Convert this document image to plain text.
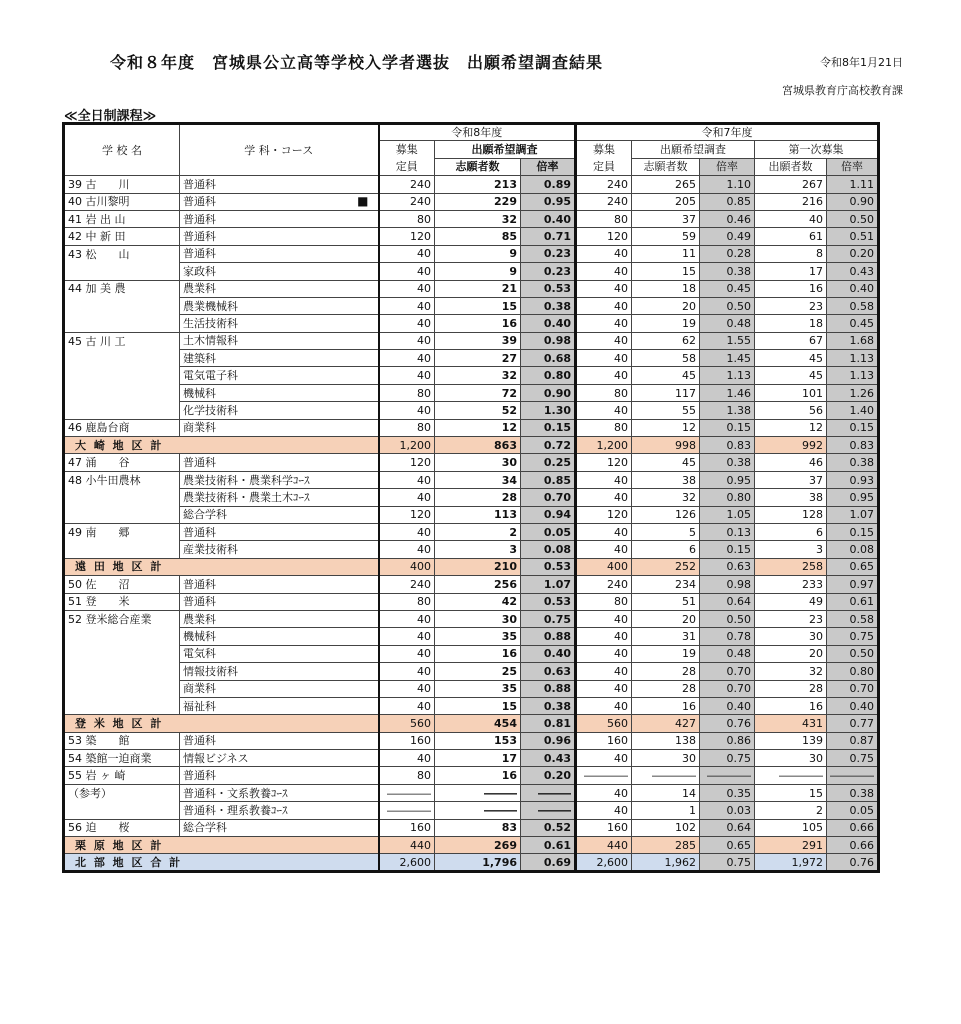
令和８年度　宮城県公立高等学校入学者選抜　出願希望調査結果	令和8年1月21日
宮城県教育庁高校教育課
≪全日制課程≫
学 校 名	学 科・コース	令和8年度			令和7年度				
		募集	出願希望調査		募集	出願希望調査		第一次募集	
		定員	志願者数	倍率	定員	志願者数	倍率	出願者数	倍率
39 古　　川	普通科	240	213	0.89	240	265	1.10	267	1.11
40 古川黎明	普通科 ■	240	229	0.95	240	205	0.85	216	0.90
41 岩 出 山	普通科	80	32	0.40	80	37	0.46	40	0.50
42 中 新 田	普通科	120	85	0.71	120	59	0.49	61	0.51
43 松　　山	普通科	40	9	0.23	40	11	0.28	8	0.20
	家政科	40	9	0.23	40	15	0.38	17	0.43
44 加 美 農	農業科	40	21	0.53	40	18	0.45	16	0.40
	農業機械科	40	15	0.38	40	20	0.50	23	0.58
	生活技術科	40	16	0.40	40	19	0.48	18	0.45
45 古 川 工	土木情報科	40	39	0.98	40	62	1.55	67	1.68
	建築科	40	27	0.68	40	58	1.45	45	1.13
	電気電子科	40	32	0.80	40	45	1.13	45	1.13
	機械科	80	72	0.90	80	117	1.46	101	1.26
	化学技術科	40	52	1.30	40	55	1.38	56	1.40
46 鹿島台商	商業科	80	12	0.15	80	12	0.15	12	0.15
大 崎 地 区 計		1,200	863	0.72	1,200	998	0.83	992	0.83
47 涌　　谷	普通科	120	30	0.25	120	45	0.38	46	0.38
48 小牛田農林	農業技術科・農業科学ｺｰｽ	40	34	0.85	40	38	0.95	37	0.93
	農業技術科・農業土木ｺｰｽ	40	28	0.70	40	32	0.80	38	0.95
	総合学科	120	113	0.94	120	126	1.05	128	1.07
49 南　　郷	普通科	40	2	0.05	40	5	0.13	6	0.15
	産業技術科	40	3	0.08	40	6	0.15	3	0.08
遠 田 地 区 計		400	210	0.53	400	252	0.63	258	0.65
50 佐　　沼	普通科	240	256	1.07	240	234	0.98	233	0.97
51 登　　米	普通科	80	42	0.53	80	51	0.64	49	0.61
52 登米総合産業	農業科	40	30	0.75	40	20	0.50	23	0.58
	機械科	40	35	0.88	40	31	0.78	30	0.75
	電気科	40	16	0.40	40	19	0.48	20	0.50
	情報技術科	40	25	0.63	40	28	0.70	32	0.80
	商業科	40	35	0.88	40	28	0.70	28	0.70
	福祉科	40	15	0.38	40	16	0.40	16	0.40
登 米 地 区 計		560	454	0.81	560	427	0.76	431	0.77
53 築　　館	普通科	160	153	0.96	160	138	0.86	139	0.87
54 築館一迫商業	情報ビジネス	40	17	0.43	40	30	0.75	30	0.75
55 岩 ヶ 崎	普通科	80	16	0.20	――――	――――	――――	――――	――――
（参考）	普通科・文系教養ｺｰｽ	――――	―――	―――	40	14	0.35	15	0.38
	普通科・理系教養ｺｰｽ	――――	―――	―――	40	1	0.03	2	0.05
56 迫　　桜	総合学科	160	83	0.52	160	102	0.64	105	0.66
栗 原 地 区 計		440	269	0.61	440	285	0.65	291	0.66
北 部 地 区 合 計		2,600	1,796	0.69	2,600	1,962	0.75	1,972	0.76
